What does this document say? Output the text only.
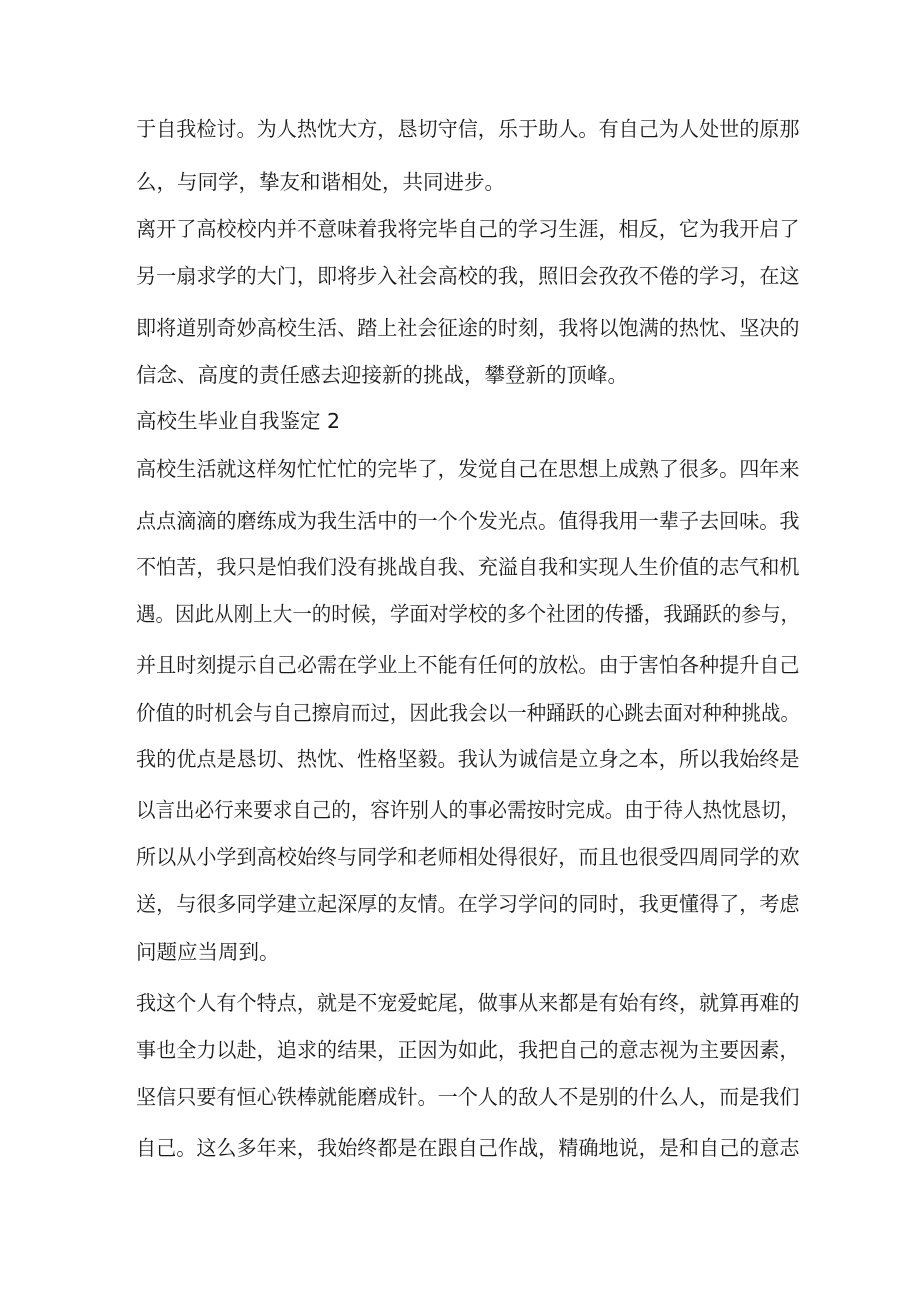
于自我检讨。为人热忱大方，恳切守信，乐于助人。有自己为人处世的原那
么，与同学，挚友和谐相处，共同进步。
离开了高校校内并不意味着我将完毕自己的学习生涯，相反，它为我开启了
另一扇求学的大门，即将步入社会高校的我，照旧会孜孜不倦的学习，在这
即将道别奇妙高校生活、踏上社会征途的时刻，我将以饱满的热忱、坚决的
信念、高度的责任感去迎接新的挑战，攀登新的顶峰。
高校生毕业自我鉴定 2
高校生活就这样匆忙忙忙的完毕了，发觉自己在思想上成熟了很多。四年来
点点滴滴的磨练成为我生活中的一个个发光点。值得我用一辈子去回味。我
不怕苦，我只是怕我们没有挑战自我、充溢自我和实现人生价值的志气和机
遇。因此从刚上大一的时候，学面对学校的多个社团的传播，我踊跃的参与，
并且时刻提示自己必需在学业上不能有任何的放松。由于害怕各种提升自己
价值的时机会与自己擦肩而过，因此我会以一种踊跃的心跳去面对种种挑战。
我的优点是恳切、热忱、性格坚毅。我认为诚信是立身之本，所以我始终是
以言出必行来要求自己的，容许别人的事必需按时完成。由于待人热忱恳切，
所以从小学到高校始终与同学和老师相处得很好，而且也很受四周同学的欢
送，与很多同学建立起深厚的友情。在学习学问的同时，我更懂得了，考虑
问题应当周到。
我这个人有个特点，就是不宠爱蛇尾，做事从来都是有始有终，就算再难的
事也全力以赴，追求的结果，正因为如此，我把自己的意志视为主要因素，
坚信只要有恒心铁棒就能磨成针。一个人的敌人不是别的什么人，而是我们
自己。这么多年来，我始终都是在跟自己作战，精确地说，是和自己的意志
